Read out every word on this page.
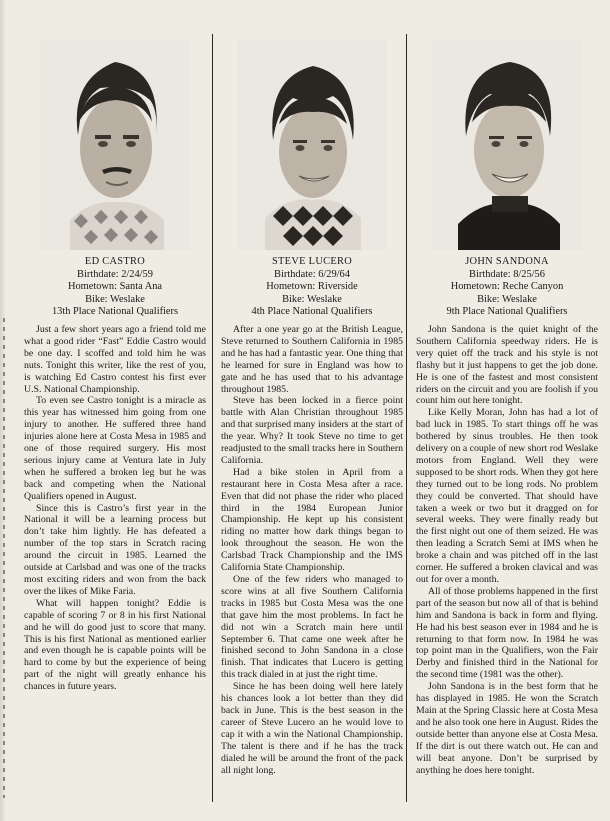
ED CASTRO
Birthdate: 2/24/59
Hometown: Santa Ana
Bike: Weslake
13th Place National Qualifiers

Just a few short years ago a friend told me what a good rider “Fast” Eddie Castro would be one day. I scoffed and told him he was nuts. Tonight this writer, like the rest of you, is watching Ed Castro contest his first ever U.S. National Championship.

To even see Castro tonight is a miracle as this year has witnessed him going from one injury to another. He suffered three hand injuries alone here at Costa Mesa in 1985 and one of those required surgery. His most serious injury came at Ventura late in July when he suffered a broken leg but he was back and competing when the National Qualifiers opened in August.

Since this is Castro’s first year in the National it will be a learning process but don’t take him lightly. He has defeated a number of the top stars in Scratch racing around the circuit in 1985. Learned the outside at Carlsbad and was one of the tracks most exciting riders and won from the back over the likes of Mike Faria.

What will happen tonight? Eddie is capable of scoring 7 or 8 in his first National and he will do good just to score that many. This is his first National as mentioned earlier and even though he is capable points will be hard to come by but the experience of being part of the night will greatly enhance his chances in future years.

STEVE LUCERO
Birthdate: 6/29/64
Hometown: Riverside
Bike: Weslake
4th Place National Qualifiers

After a one year go at the British League, Steve returned to Southern California in 1985 and he has had a fantastic year. One thing that he learned for sure in England was how to gate and he has used that to his advantage throughout 1985.

Steve has been locked in a fierce point battle with Alan Christian throughout 1985 and that surprised many insiders at the start of the year. Why? It took Steve no time to get readjusted to the small tracks here in Southern California.

Had a bike stolen in April from a restaurant here in Costa Mesa after a race. Even that did not phase the rider who placed third in the 1984 European Junior Championship. He kept up his consistent riding no matter how dark things began to look throughout the season. He won the Carlsbad Track Championship and the IMS California State Championship.

One of the few riders who managed to score wins at all five Southern California tracks in 1985 but Costa Mesa was the one that gave him the most problems. In fact he did not win a Scratch main here until September 6. That came one week after he finished second to John Sandona in a close finish. That indicates that Lucero is getting this track dialed in at just the right time.

Since he has been doing well here lately his chances look a lot better than they did back in June. This is the best season in the career of Steve Lucero an he would love to cap it with a win the National Championship. The talent is there and if he has the track dialed he will be around the front of the pack all night long.

JOHN SANDONA
Birthdate: 8/25/56
Hometown: Reche Canyon
Bike: Weslake
9th Place National Qualifiers

John Sandona is the quiet knight of the Southern California speedway riders. He is very quiet off the track and his style is not flashy but it just happens to get the job done. He is one of the fastest and most consistent riders on the circuit and you are foolish if you count him out here tonight.

Like Kelly Moran, John has had a lot of bad luck in 1985. To start things off he was bothered by sinus troubles. He then took delivery on a couple of new short rod Weslake motors from England. Well they were supposed to be short rods. When they got here they turned out to be long rods. No problem they could be converted. That should have taken a week or two but it dragged on for several weeks. They were finally ready but the first night out one of them seized. He was then leading a Scratch Semi at IMS when he broke a chain and was pitched off in the last corner. He suffered a broken clavical and was out for over a month.

All of those problems happened in the first part of the season but now all of that is behind him and Sandona is back in form and flying. He had his best season ever in 1984 and he is returning to that form now. In 1984 he was top point man in the Qualifiers, won the Fair Derby and finished third in the National for the second time (1981 was the other).

John Sandona is in the best form that he has displayed in 1985. He won the Scratch Main at the Spring Classic here at Costa Mesa and he also took one here in August. Rides the outside better than anyone else at Costa Mesa. If the dirt is out there watch out. He can and will beat anyone. Don’t be surprised by anything he does here tonight.
